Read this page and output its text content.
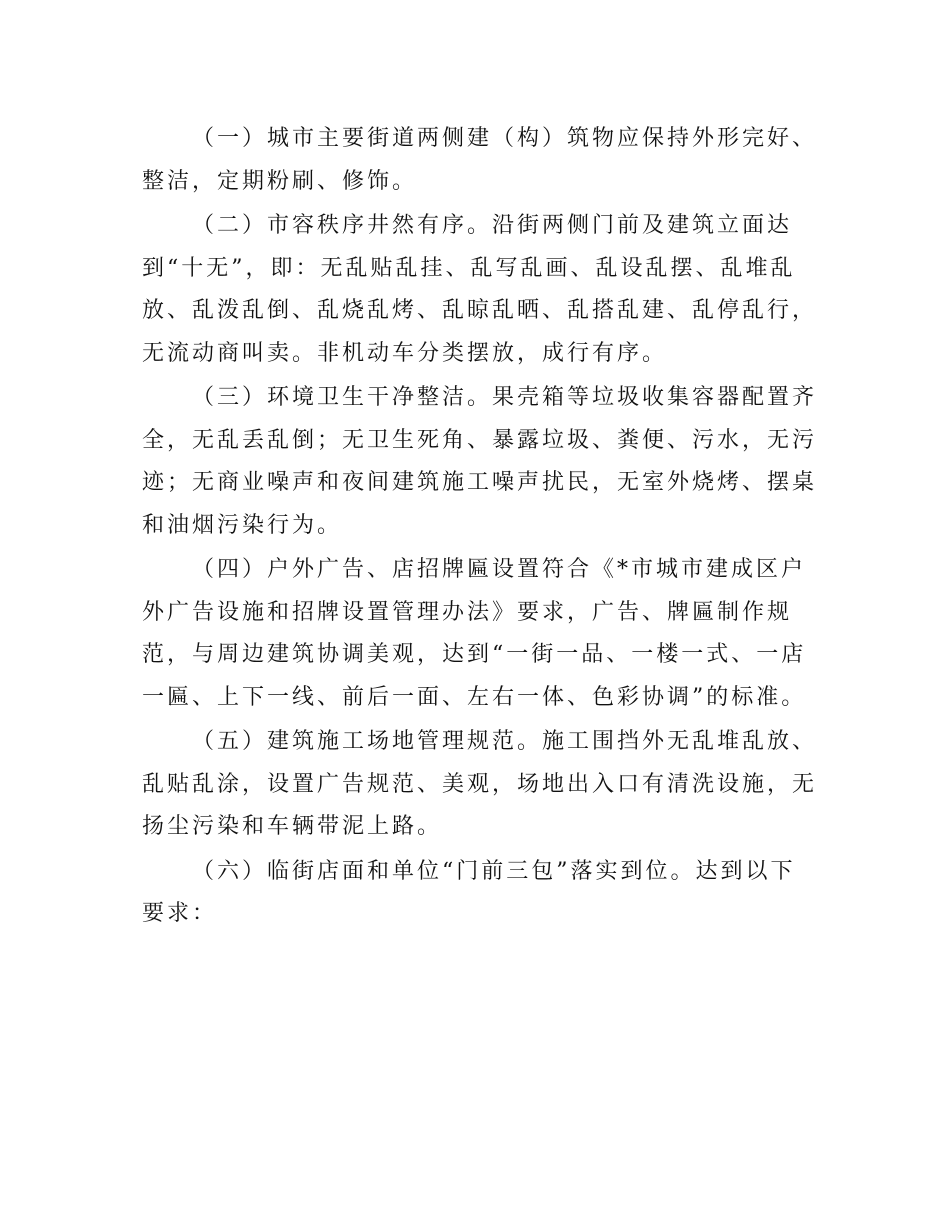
（一）城市主要街道两侧建（构）筑物应保持外形完好、
整洁，定期粉刷、修饰。

（二）市容秩序井然有序。沿街两侧门前及建筑立面达
到“十无”，即：无乱贴乱挂、乱写乱画、乱设乱摆、乱堆乱
放、乱泼乱倒、乱烧乱烤、乱晾乱晒、乱搭乱建、乱停乱行，
无流动商叫卖。非机动车分类摆放，成行有序。

（三）环境卫生干净整洁。果壳箱等垃圾收集容器配置齐
全，无乱丢乱倒；无卫生死角、暴露垃圾、粪便、污水，无污
迹；无商业噪声和夜间建筑施工噪声扰民，无室外烧烤、摆桌
和油烟污染行为。

（四）户外广告、店招牌匾设置符合《*市城市建成区户
外广告设施和招牌设置管理办法》要求，广告、牌匾制作规
范，与周边建筑协调美观，达到“一街一品、一楼一式、一店
一匾、上下一线、前后一面、左右一体、色彩协调”的标准。

（五）建筑施工场地管理规范。施工围挡外无乱堆乱放、
乱贴乱涂，设置广告规范、美观，场地出入口有清洗设施，无
扬尘污染和车辆带泥上路。

（六）临街店面和单位“门前三包”落实到位。达到以下
要求：
